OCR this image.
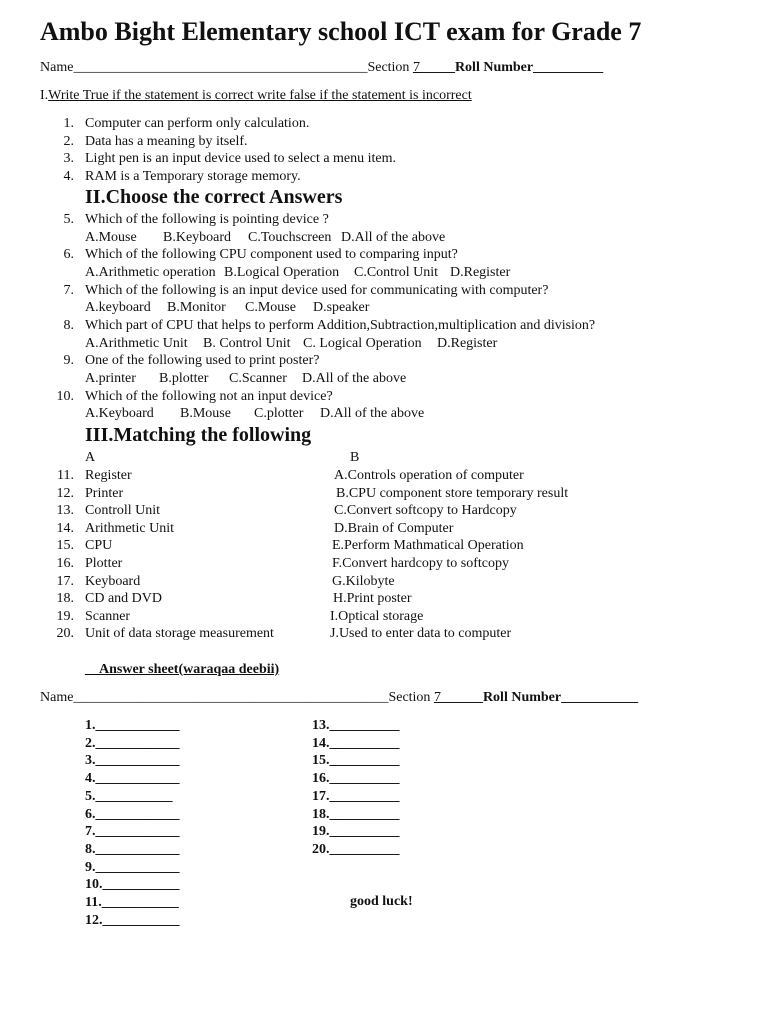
Ambo Bight Elementary school ICT exam for Grade 7
Name__________________________________________Section 7_____Roll Number__________
I.Write True if the statement is correct write false if the statement is incorrect
1. Computer can perform only calculation.
2. Data has a meaning by itself.
3. Light pen is an input device used to select a menu item.
4. RAM is a Temporary storage memory.
II.Choose the correct Answers
5. Which of the following is pointing device ?
A.Mouse B.Keyboard C.Touchscreen D.All of the above
6. Which of the following CPU component used to comparing input?
A.Arithmetic operation B.Logical Operation C.Control Unit D.Register
7. Which of the following is an input device used for communicating with computer?
A.keyboard B.Monitor C.Mouse D.speaker
8. Which part of CPU that helps to perform Addition,Subtraction,multiplication and division?
A.Arithmetic Unit B. Control Unit C. Logical Operation D.Register
9. One of the following used to print poster?
A.printer B.plotter C.Scanner D.All of the above
10. Which of the following not an input device?
A.Keyboard B.Mouse C.plotter D.All of the above
III.Matching the following
A	B
11. Register	A.Controls operation of computer
12. Printer	B.CPU component store temporary result
13. Controll Unit	C.Convert softcopy to Hardcopy
14. Arithmetic Unit	D.Brain of Computer
15. CPU	E.Perform Mathmatical Operation
16. Plotter	F.Convert hardcopy to softcopy
17. Keyboard	G.Kilobyte
18. CD and DVD	H.Print poster
19. Scanner	I.Optical storage
20. Unit of data storage measurement	J.Used to enter data to computer
__Answer sheet(waraqaa deebii)
Name_____________________________________________Section 7______Roll Number___________
1.____________
2.____________
3.____________
4.____________
5.___________
6.____________
7.____________
8.____________
9.____________
10.___________
11.___________
12.___________
13.__________
14.__________
15.__________
16.__________
17.__________
18.__________
19.__________
20.__________
good luck!
